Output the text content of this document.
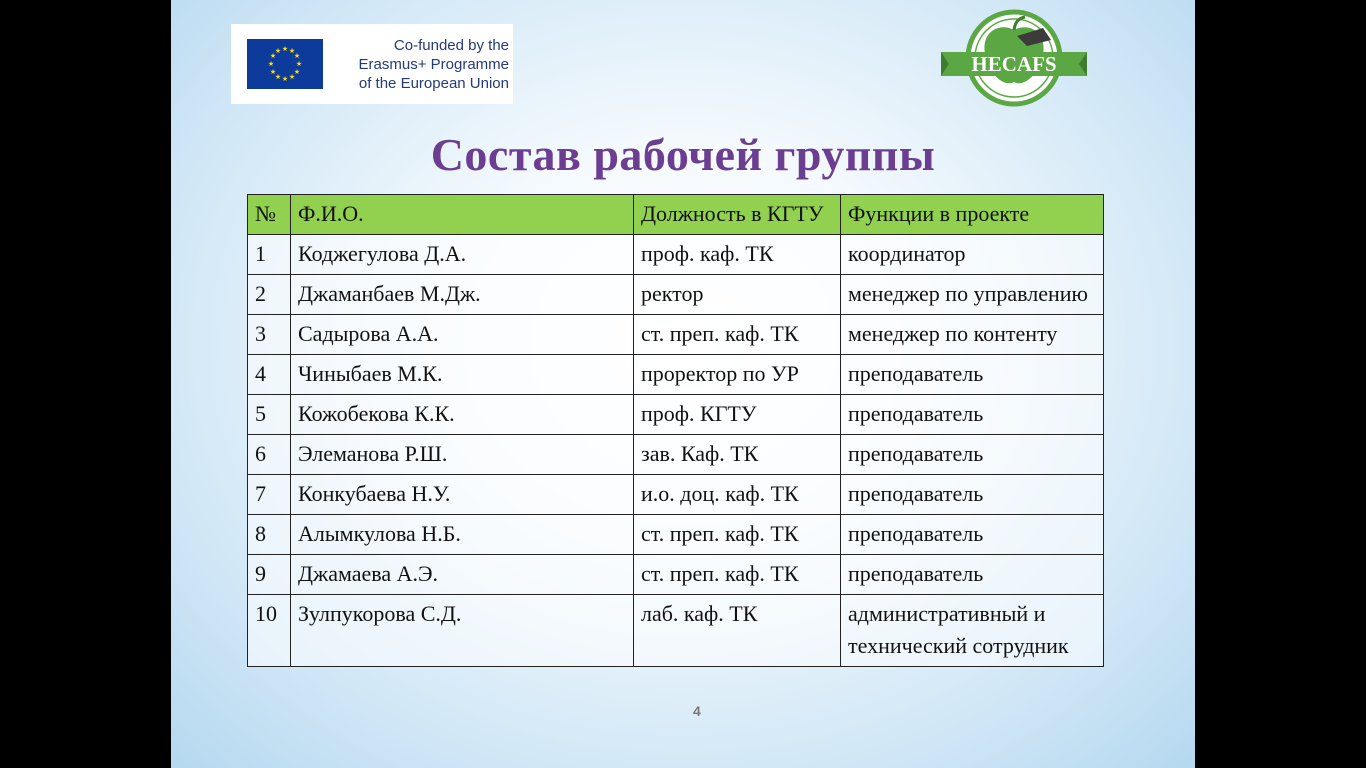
★ ★
★
★
★
★
★
★
★
★
★
★	Co-funded by the
Erasmus+ Programme
of the European Union
HECAFS
Состав рабочей группы
№	Ф.И.О.	Должность в КГТУ	Функции в проекте
1	Коджегулова Д.А.	проф. каф. ТК	координатор
2	Джаманбаев М.Дж.	ректор	менеджер по управлению
3	Садырова А.А.	ст. преп. каф. ТК	менеджер по контенту
4	Чиныбаев М.К.	проректор по УР	преподаватель
5	Кожобекова К.К.	проф. КГТУ	преподаватель
6	Элеманова Р.Ш.	зав. Каф. ТК	преподаватель
7	Конкубаева Н.У.	и.о. доц. каф. ТК	преподаватель
8	Алымкулова Н.Б.	ст. преп. каф. ТК	преподаватель
9	Джамаева А.Э.	ст. преп. каф. ТК	преподаватель
10	Зулпукорова С.Д.	лаб. каф. ТК	административный и технический сотрудник
4
